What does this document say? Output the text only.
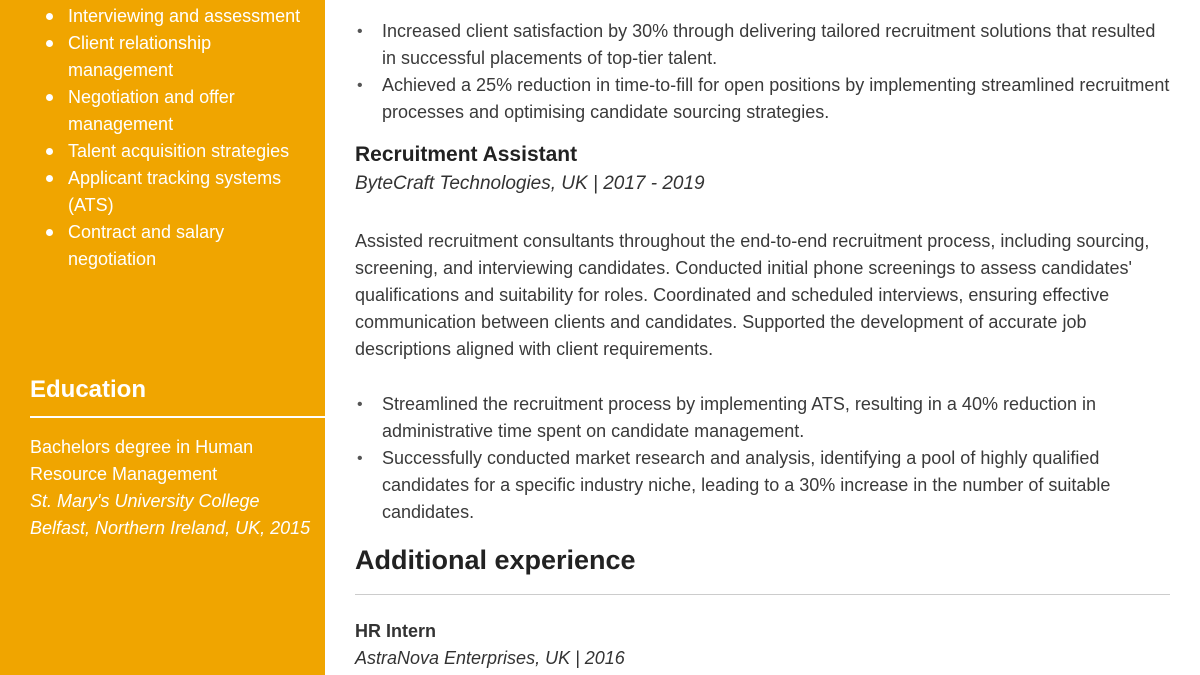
Interviewing and assessment
Client relationship management
Negotiation and offer management
Talent acquisition strategies
Applicant tracking systems (ATS)
Contract and salary negotiation
Education
Bachelors degree in Human Resource Management
St. Mary's University College
Belfast, Northern Ireland, UK, 2015
• Increased client satisfaction by 30% through delivering tailored recruitment solutions that resulted in successful placements of top-tier talent.
• Achieved a 25% reduction in time-to-fill for open positions by implementing streamlined recruitment processes and optimising candidate sourcing strategies.
Recruitment Assistant
ByteCraft Technologies, UK | 2017 - 2019

Assisted recruitment consultants throughout the end-to-end recruitment process, including sourcing, screening, and interviewing candidates. Conducted initial phone screenings to assess candidates' qualifications and suitability for roles. Coordinated and scheduled interviews, ensuring effective communication between clients and candidates. Supported the development of accurate job descriptions aligned with client requirements.

• Streamlined the recruitment process by implementing ATS, resulting in a 40% reduction in administrative time spent on candidate management.
• Successfully conducted market research and analysis, identifying a pool of highly qualified candidates for a specific industry niche, leading to a 30% increase in the number of suitable candidates.
Additional experience
HR Intern
AstraNova Enterprises, UK | 2016
